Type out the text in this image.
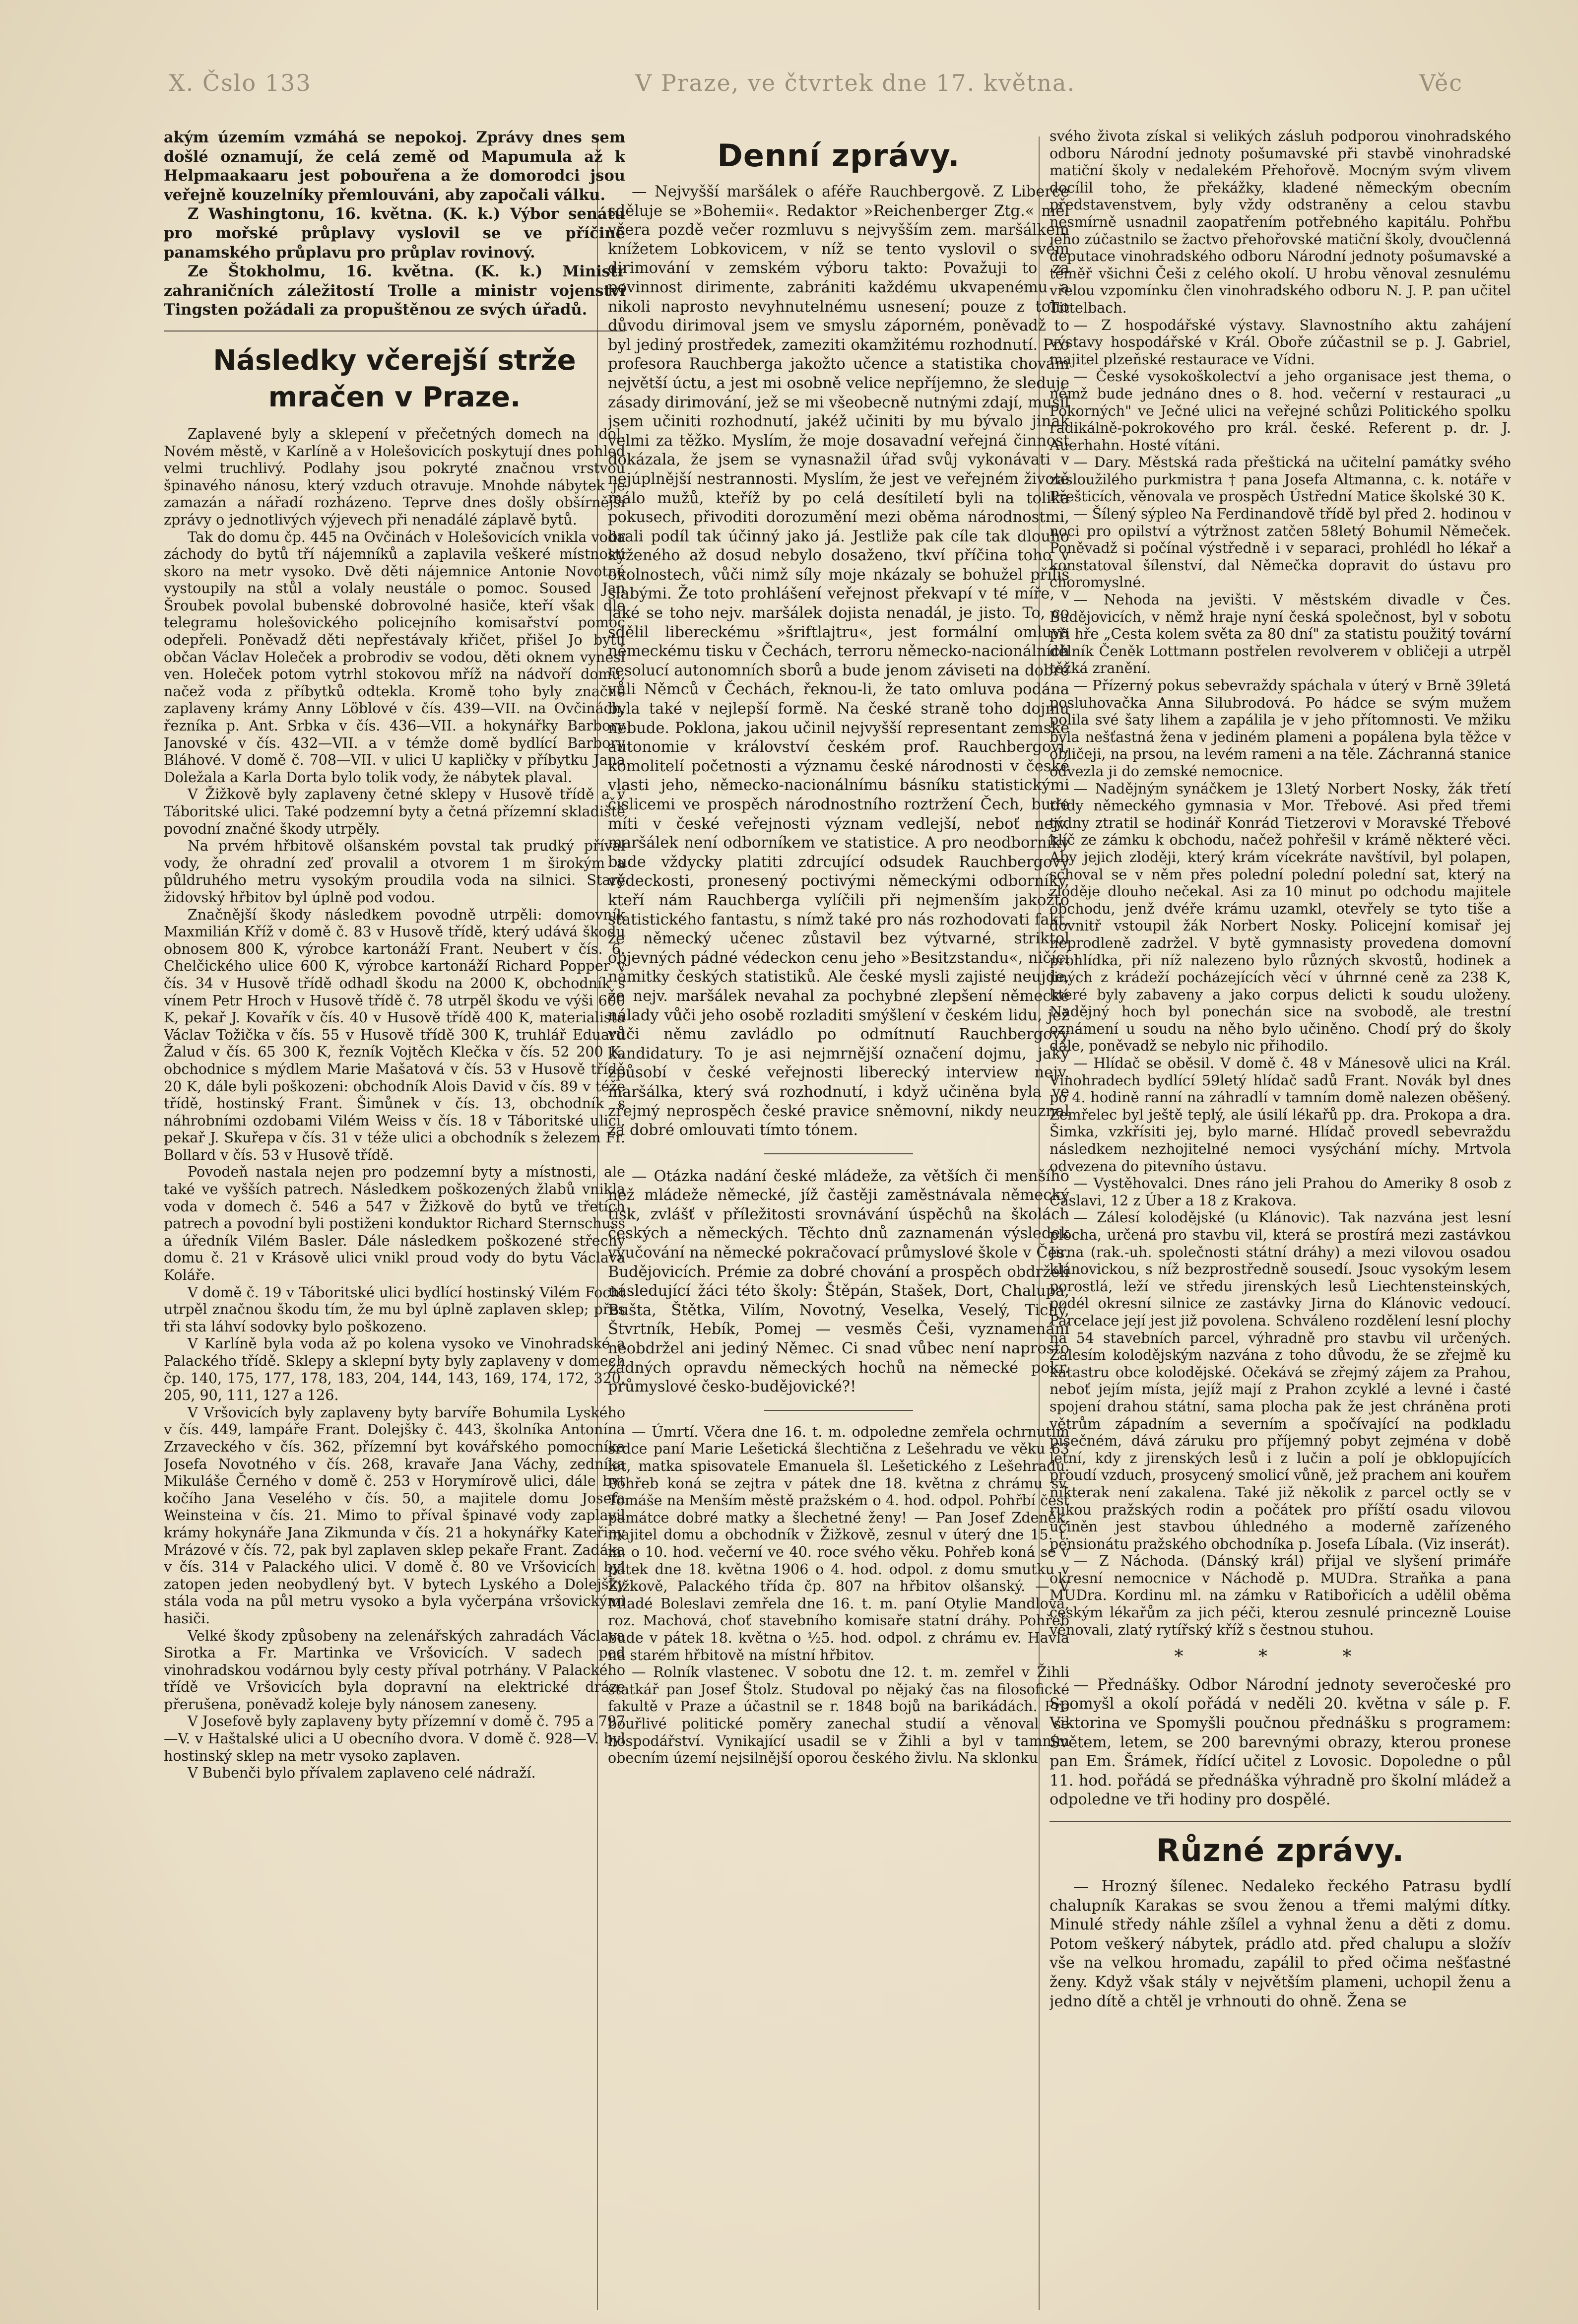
X. Čslo 133	V Praze, ve čtvrtek dne 17. května.	Věc

akým územím vzmáhá se nepokoj. Zprávy dnes sem došlé oznamují, že celá země od Mapumula až k Helpmaakaaru jest pobouřena a že domorodci jsou veřejně kouzelníky přemlouváni, aby započali válku.

Z Washingtonu, 16. května. (K. k.) Výbor senátu pro mořské průplavy vyslovil se ve příčině panamského průplavu pro průplav rovinový.

Ze Štokholmu, 16. května. (K. k.) Ministr zahraničních záležitostí Trolle a ministr vojenství Tingsten požádali za propuštěnou ze svých úřadů.

Následky včerejší strže mračen v Praze.

Zaplavené byly a sklepení v přečetných domech na dol. Novém městě, v Karlíně a v Holešovicích poskytují dnes pohled velmi truchlivý. Podlahy jsou pokryté značnou vrstvou špinavého nánosu, který vzduch otravuje. Mnohde nábytek je zamazán a nářadí rozházeno. Teprve dnes došly obšírnější zprávy o jednotlivých výjevech při nenadálé záplavě bytů.

Tak do domu čp. 445 na Ovčinách v Holešovicích vnikla voda záchody do bytů tří nájemníků a zaplavila veškeré místnosti skoro na metr vysoko. Dvě děti nájemnice Antonie Novotné vystoupily na stůl a volaly neustále o pomoc. Soused Jan Šroubek povolal bubenské dobrovolné hasiče, kteří však dle telegramu holešovického policejního komisařství pomoc odepřeli. Poněvadž děti nepřestávaly křičet, přišel Jo bytu občan Václav Holeček a probrodiv se vodou, děti oknem vynesl ven. Holeček potom vytrhl stokovou mříž na nádvoří domu, načež voda z příbytků odtekla. Kromě toho byly značně zaplaveny krámy Anny Löblové v čís. 439—VII. na Ovčinách, řezníka p. Ant. Srbka v čís. 436—VII. a hokynářky Barbory Janovské v čís. 432—VII. a v témže domě bydlící Barbory Bláhové. V domě č. 708—VII. v ulici U kapličky v příbytku Jana Doležala a Karla Dorta bylo tolik vody, že nábytek plaval.

V Žižkově byly zaplaveny četné sklepy v Husově třídě a v Táboritské ulici. Také podzemní byty a četná přízemní skladiště povodní značné škody utrpěly.

Na prvém hřbitově olšanském povstal tak prudký příval vody, že ohradní zeď provalil a otvorem 1 m širokým a půldruhého metru vysokým proudila voda na silnici. Starý židovský hřbitov byl úplně pod vodou.

Značnější škody následkem povodně utrpěli: domovník Maxmilián Kříž v domě č. 83 v Husově třídě, který udává škodu obnosem 800 K, výrobce kartonáží Frant. Neubert v čís. 6. Chelčického ulice 600 K, výrobce kartonáží Richard Popper v čís. 34 v Husově třídě odhadl škodu na 2000 K, obchodník s vínem Petr Hroch v Husově třídě č. 78 utrpěl škodu ve výši 600 K, pekař J. Kovařík v čís. 40 v Husově třídě 400 K, materialista Václav Tožička v čís. 55 v Husově třídě 300 K, truhlář Eduard Žalud v čís. 65 300 K, řezník Vojtěch Klečka v čís. 52 200 K, obchodnice s mýdlem Marie Mašatová v čís. 53 v Husově třídě 20 K, dále byli poškozeni: obchodník Alois David v čís. 89 v téže třídě, hostinský Frant. Šimůnek v čís. 13, obchodník s náhrobními ozdobami Vilém Weiss v čís. 18 v Táboritské ulici, pekař J. Skuřepa v čís. 31 v téže ulici a obchodník s železem Fr. Bollard v čís. 53 v Husově třídě.

Povodeň nastala nejen pro podzemní byty a místnosti, ale také ve vyšších patrech. Následkem poškozených žlabů vnikla voda v domech č. 546 a 547 v Žižkově do bytů ve třetích patrech a povodní byli postiženi konduktor Richard Sternschuss a úředník Vilém Basler. Dále následkem poškozené střechy domu č. 21 v Krásově ulici vnikl proud vody do bytu Václava Koláře.

V domě č. 19 v Táboritské ulici bydlící hostinský Vilém Focht utrpěl značnou škodu tím, že mu byl úplně zaplaven sklep; přes tři sta láhví sodovky bylo poškozeno.

V Karlíně byla voda až po kolena vysoko ve Vinohradské a Palackého třídě. Sklepy a sklepní byty byly zaplaveny v domech čp. 140, 175, 177, 178, 183, 204, 144, 143, 169, 174, 172, 320, 205, 90, 111, 127 a 126.

V Vršovicích byly zaplaveny byty barvíře Bohumila Lyského v čís. 449, lampáře Frant. Dolejšky č. 443, školníka Antonína Zrzaveckého v čís. 362, přízemní byt kovářského pomocníka Josefa Novotného v čís. 268, kravaře Jana Váchy, zedníka Mikuláše Černého v domě č. 253 v Horymírově ulici, dále byt kočího Jana Veselého v čís. 50, a majitele domu Josefa Weinsteina v čís. 21. Mimo to příval špinavé vody zaplavil krámy hokynáře Jana Zikmunda v čís. 21 a hokynářky Kateřiny Mrázové v čís. 72, pak byl zaplaven sklep pekaře Frant. Zadáka v čís. 314 v Palackého ulici. V domě č. 80 ve Vršovicích byl zatopen jeden neobydlený byt. V bytech Lyského a Dolejšky stála voda na půl metru vysoko a byla vyčerpána vršovickými hasiči.

Velké škody způsobeny na zelenářských zahradách Václava Sirotka a Fr. Martinka ve Vršovicích. V sadech pod vinohradskou vodárnou byly cesty příval potrhány. V Palackého třídě ve Vršovicích byla dopravní na elektrické dráze přerušena, poněvadž koleje byly nánosem zaneseny.

V Josefově byly zaplaveny byty přízemní v domě č. 795 a 797—V. v Haštalské ulici a U obecního dvora. V domě č. 928—V. byl hostinský sklep na metr vysoko zaplaven.

V Bubenči bylo přívalem zaplaveno celé nádraží.

Denní zprávy.

— Nejvyšší maršálek o aféře Rauchbergově. Z Liberce sděluje se »Bohemii«. Redaktor »Reichenberger Ztg.« měl včera pozdě večer rozmluvu s nejvyšším zem. maršálkem knížetem Lobkovicem, v níž se tento vyslovil o svém dirimování v zemském výboru takto: Považuji to za povinnost dirimente, zabrániti každému ukvapenému a nikoli naprosto nevyhnutelnému usnesení; pouze z toho důvodu dirimoval jsem ve smyslu záporném, poněvadž to byl jediný prostředek, zameziti okamžitému rozhodnutí. Pro profesora Rauchberga jakožto učence a statistika chovám největší úctu, a jest mi osobně velice nepříjemno, že sleduje zásady dirimování, jež se mi všeobecně nutnými zdají, musil jsem učiniti rozhodnutí, jakéž učiniti by mu bývalo jinak velmi za těžko. Myslím, že moje dosavadní veřejná činnost dokázala, že jsem se vynasnažil úřad svůj vykonávati v nejúplnější nestrannosti. Myslím, že jest ve veřejném životě málo mužů, kteříž by po celá desítiletí byli na tolika pokusech, přivoditi dorozumění mezi oběma národnostmi, brali podíl tak účinný jako já. Jestliže pak cíle tak dlouho kýženého až dosud nebylo dosaženo, tkví příčina toho v okolnostech, vůči nimž síly moje nkázaly se bohužel příliš slabými. Že toto prohlášení veřejnost překvapí v té míře, v jaké se toho nejv. maršálek dojista nenadál, je jisto. To, co sdělil libereckému »šriftlajtru«, jest formální omluva německému tisku v Čechách, terroru německo-nacionálních resolucí autonomních sborů a bude jenom záviseti na dobré vůli Němců v Čechách, řeknou-li, že tato omluva podána byla také v nejlepší formě. Na české straně toho dojmu nebude. Poklona, jakou učinil nejvyšší representant zemské autonomie v království českém prof. Rauchbergovi, komolitelí početnosti a významu české národnosti v české vlasti jeho, německo-nacionálnímu básníku statistickými číslicemi ve prospěch národnostního roztržení Čech, bude míti v české veřejnosti význam vedlejší, neboť nejv. maršálek není odborníkem ve statistice. A pro neodborníky bude vždycky platiti zdrcující odsudek Rauchbergovy vědeckosti, pronesený poctivými německými odborníky, kteří nám Rauchberga vylíčili při nejmenším jakožto statistického fantastu, s nímž také pro nás rozhodovati fakt, že německý učenec zůstavil bez výtvarné, striktol objevných pádné védeckon cenu jeho »Besitzstandu«, ničící námitky českých statistiků. Ale české mysli zajisté neujde, že nejv. maršálek nevahal za pochybné zlepšení německé nálady vůči jeho osobě rozladiti smýšlení v českém lidu, jež vůči němu zavládlo po odmítnutí Rauchbergovy kandidatury. To je asi nejmrnější označení dojmu, jaký způsobí v české veřejnosti liberecký interview nejv. maršálka, který svá rozhodnutí, i když učiněna byla ve zřejmý neprospěch české pravice sněmovní, nikdy neuznal za dobré omlouvati tímto tónem.

— Otázka nadání české mládeže, za větších či menšího než mládeže německé, jíž častěji zaměstnávala německý tisk, zvlášť v příležitosti srovnávání úspěchů na školách českých a německých. Těchto dnů zaznamenán výsledek vyučování na německé pokračovací průmyslové škole v Čes. Budějovicích. Prémie za dobré chování a prospěch obdrželi následující žáci této školy: Štěpán, Stašek, Dort, Chalupa, Bušta, Štětka, Vilím, Novotný, Veselka, Veselý, Tichý, Štvrtník, Hebík, Pomej — vesměs Češi, vyznamenání neobdržel ani jediný Němec. Ci snad vůbec není naprosto žádných opravdu německých hochů na německé pokr. průmyslové česko-budějovické?!

— Úmrtí. Včera dne 16. t. m. odpoledne zemřela ochrnutím srdce paní Marie Lešetická šlechtična z Lešehradu ve věku 63 let, matka spisovatele Emanuela šl. Lešetického z Lešehradu. Pohřeb koná se zejtra v pátek dne 18. května z chrámu sv. Tomáše na Menším městě pražském o 4. hod. odpol. Pohřbí čest památce dobré matky a šlechetné ženy! — Pan Josef Zdeněk, majitel domu a obchodník v Žižkově, zesnul v úterý dne 15. t. m. o 10. hod. večerní ve 40. roce svého věku. Pohřeb koná se v pátek dne 18. května 1906 o 4. hod. odpol. z domu smutku v Žižkově, Palackého třída čp. 807 na hřbitov olšanský. — V Mladé Boleslavi zemřela dne 16. t. m. paní Otylie Mandlová, roz. Machová, choť stavebního komisaře statní dráhy. Pohřeb bude v pátek 18. května o ½5. hod. odpol. z chrámu ev. Havla na starém hřbitově na místní hřbitov.

— Rolník vlastenec. V sobotu dne 12. t. m. zemřel v Žihli statkář pan Josef Štolz. Studoval po nějaký čas na filosofické fakultě v Praze a účastnil se r. 1848 bojů na barikádách. Pro bouřlivé politické poměry zanechal studií a věnoval se hospodářství. Vynikající usadil se v Žihli a byl v tamním obecním území nejsilnější oporou českého živlu. Na sklonku

svého života získal si velikých zásluh podporou vinohradského odboru Národní jednoty pošumavské při stavbě vinohradské matiční školy v nedalekém Přehořově. Mocným svým vlivem docílil toho, že překážky, kladené německým obecním představenstvem, byly vždy odstraněny a celou stavbu nesmírně usnadnil zaopatřením potřebného kapitálu. Pohřbu jeho zúčastnilo se žactvo přehořovské matiční školy, dvoučlenná deputace vinohradského odboru Národní jednoty pošumavské a téměř všichni Češi z celého okolí. U hrobu věnoval zesnulému vřelou vzpomínku člen vinohradského odboru N. J. P. pan učitel Tittelbach.

— Z hospodářské výstavy. Slavnostního aktu zahájení výstavy hospodářské v Král. Oboře zúčastnil se p. J. Gabriel, majitel plzeňské restaurace ve Vídni.

— České vysokoškolectví a jeho organisace jest thema, o němž bude jednáno dnes o 8. hod. večerní v restauraci „u Pokorných" ve Ječné ulici na veřejné schůzi Politického spolku radikálně-pokrokového pro král. české. Referent p. dr. J. Auerhahn. Hosté vítáni.

— Dary. Městská rada přeštická na učitelní památky svého zasloužilého purkmistra † pana Josefa Altmanna, c. k. notáře v Přešticích, věnovala ve prospěch Ústřední Matice školské 30 K.

— Šílený sýpleo Na Ferdinandově třídě byl před 2. hodinou v noci pro opilství a výtržnost zatčen 58letý Bohumil Němeček. Poněvadž si počínal výstředně i v separaci, prohlédl ho lékař a konstatoval šílenství, dal Němečka dopravit do ústavu pro choromyslné.

— Nehoda na jevišti. V městském divadle v Čes. Budějovicích, v němž hraje nyní česká společnost, byl v sobotu při hře „Cesta kolem světa za 80 dní" za statistu použitý tovární dělník Čeněk Lottmann postřelen revolverem v obličeji a utrpěl těžká zranění.

— Přízerný pokus sebevraždy spáchala v úterý v Brně 39letá posluhovačka Anna Silubrodová. Po hádce se svým mužem polila své šaty lihem a zapálila je v jeho přítomnosti. Ve mžiku byla nešťastná žena v jediném plameni a popálena byla těžce v obličeji, na prsou, na levém rameni a na těle. Záchranná stanice odvezla ji do zemské nemocnice.

— Nadějným synáčkem je 13letý Norbert Nosky, žák třetí třídy německého gymnasia v Mor. Třebové. Asi před třemi týdny ztratil se hodinář Konrád Tietzerovi v Moravské Třebové klíč ze zámku k obchodu, načež pohřešil v krámě některé věci. Aby jejich zloději, který krám vícekráte navštívil, byl polapen, schoval se v něm přes polední polední polední sat, který na zloděje dlouho nečekal. Asi za 10 minut po odchodu majitele obchodu, jenž dvéře krámu uzamkl, otevřely se tyto tiše a dovnitř vstoupil žák Norbert Nosky. Policejní komisař jej neprodleně zadržel. V bytě gymnasisty provedena domovní prohlídka, při níž nalezeno bylo různých skvostů, hodinek a jiných z krádeží pocházejících věcí v úhrnné ceně za 238 K, které byly zabaveny a jako corpus delicti k soudu uloženy. Nadějný hoch byl ponechán sice na svobodě, ale trestní oznámení u soudu na něho bylo učiněno. Chodí prý do školy dále, poněvadž se nebylo nic přihodilo.

— Hlídač se oběsil. V domě č. 48 v Mánesově ulici na Král. Vinohradech bydlící 59letý hlídač sadů Frant. Novák byl dnes po 4. hodině ranní na záhradlí v tamním domě nalezen oběšený. Zemřelec byl ještě teplý, ale úsilí lékařů pp. dra. Prokopa a dra. Šimka, vzkřísiti jej, bylo marné. Hlídač provedl sebevraždu následkem nezhojitelné nemoci vysýchání míchy. Mrtvola odvezena do pitevního ústavu.

— Vystěhovalci. Dnes ráno jeli Prahou do Ameriky 8 osob z Čáslavi, 12 z Úber a 18 z Krakova.

— Zálesí kolodějské (u Klánovic). Tak nazvána jest lesní plocha, určená pro stavbu vil, která se prostírá mezi zastávkou Jirna (rak.-uh. společnosti státní dráhy) a mezi vilovou osadou klánovickou, s níž bezprostředně sousedí. Jsouc vysokým lesem porostlá, leží ve středu jirenských lesů Liechtensteinských, podél okresní silnice ze zastávky Jirna do Klánovic vedoucí. Parcelace její jest již povolena. Schváleno rozdělení lesní plochy na 54 stavebních parcel, výhradně pro stavbu vil určených. Zalesím kolodějským nazvána z toho důvodu, že se zřejmě ku katastru obce kolodějské. Očekává se zřejmý zájem za Prahou, neboť jejím místa, jejíž mají z Prahon zcyklé a levné i časté spojení drahou státní, sama plocha pak že jest chráněna proti větrům západním a severním a spočívající na podkladu písečném, dává záruku pro příjemný pobyt zejména v době letní, kdy z jirenských lesů i z lučin a polí je obklopujících proudí vzduch, prosycený smolicí vůně, jež prachem ani kouřem nikterak není zakalena. Také již několik z parcel octly se v rukou pražských rodin a počátek pro příští osadu vilovou učiněn jest stavbou úhledného a moderně zařízeného pensionátu pražského obchodníka p. Josefa Líbala. (Viz inserát).

— Z Náchoda. (Dánský král) přijal ve slyšení primáře okresní nemocnice v Náchodě p. MUDra. Straňka a pana MUDra. Kordinu ml. na zámku v Ratibořicích a udělil oběma českým lékařům za jich péči, kterou zesnulé princezně Louise věnovali, zlatý rytířský kříž s čestnou stuhou.

* * *

— Přednášky. Odbor Národní jednoty severočeské pro Spomyšl a okolí pořádá v neděli 20. května v sále p. F. Viktorina ve Spomyšli poučnou přednášku s programem: Světem, letem, se 200 barevnými obrazy, kterou pronese pan Em. Šrámek, řídící učitel z Lovosic. Dopoledne o půl 11. hod. pořádá se přednáška výhradně pro školní mládež a odpoledne ve tři hodiny pro dospělé.

Různé zprávy.

— Hrozný šílenec. Nedaleko řeckého Patrasu bydlí chalupník Karakas se svou ženou a třemi malými dítky. Minulé středy náhle zšílel a vyhnal ženu a děti z domu. Potom veškerý nábytek, prádlo atd. před chalupu a složív vše na velkou hromadu, zapálil to před očima nešťastné ženy. Když však stály v největším plameni, uchopil ženu a jedno dítě a chtěl je vrhnouti do ohně. Žena se
